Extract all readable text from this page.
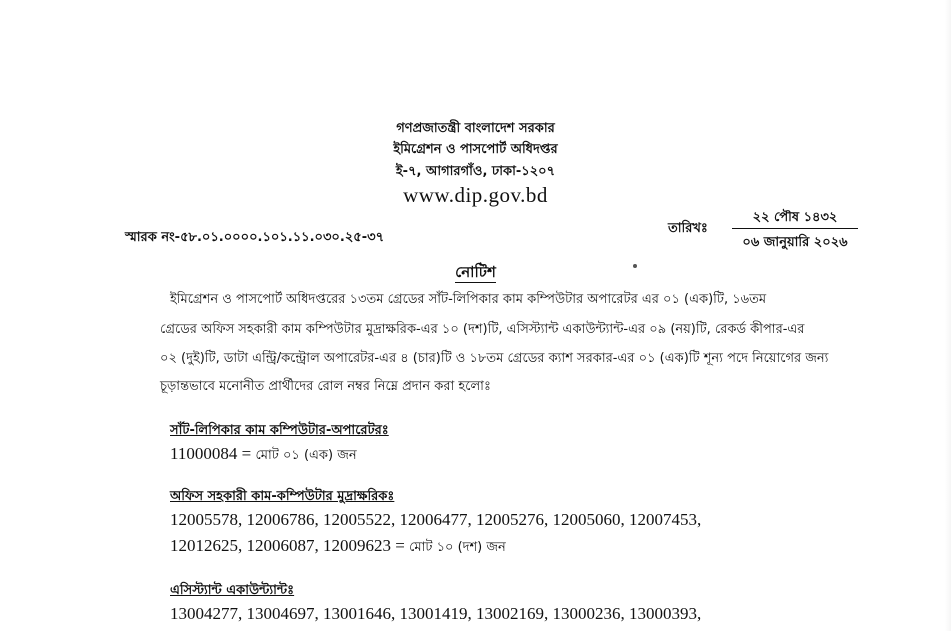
গণপ্রজাতন্ত্রী বাংলাদেশ সরকার
ইমিগ্রেশন ও পাসপোর্ট অধিদপ্তর
ই-৭, আগারগাঁও, ঢাকা-১২০৭
www.dip.gov.bd
স্মারক নং-৫৮.০১.০০০০.১০১.১১.০৩০.২৫-৩৭
তারিখঃ
২২ পৌষ ১৪৩২
০৬ জানুয়ারি ২০২৬
নোটিশ
ইমিগ্রেশন ও পাসপোর্ট অধিদপ্তরের ১৩তম গ্রেডের সাঁট-লিপিকার কাম কম্পিউটার অপারেটর এর ০১ (এক)টি, ১৬তম
গ্রেডের অফিস সহকারী কাম কম্পিউটার মুদ্রাক্ষরিক-এর ১০ (দশ)টি, এসিস্ট্যান্ট একাউন্ট্যান্ট-এর ০৯ (নয়)টি, রেকর্ড কীপার-এর
০২ (দুই)টি, ডাটা এন্ট্রি/কন্ট্রোল অপারেটর-এর ৪ (চার)টি ও ১৮তম গ্রেডের ক্যাশ সরকার-এর ০১ (এক)টি শূন্য পদে নিয়োগের জন্য
চূড়ান্তভাবে মনোনীত প্রার্থীদের রোল নম্বর নিম্নে প্রদান করা হলোঃ
সাঁট-লিপিকার কাম কম্পিউটার-অপারেটরঃ
11000084 = মোট ০১ (এক) জন
অফিস সহকারী কাম-কম্পিউটার মুদ্রাক্ষরিকঃ
12005578, 12006786, 12005522, 12006477, 12005276, 12005060, 12007453,
12012625, 12006087, 12009623 = মোট ১০ (দশ) জন
এসিস্ট্যান্ট একাউন্ট্যান্টঃ
13004277, 13004697, 13001646, 13001419, 13002169, 13000236, 13000393,
